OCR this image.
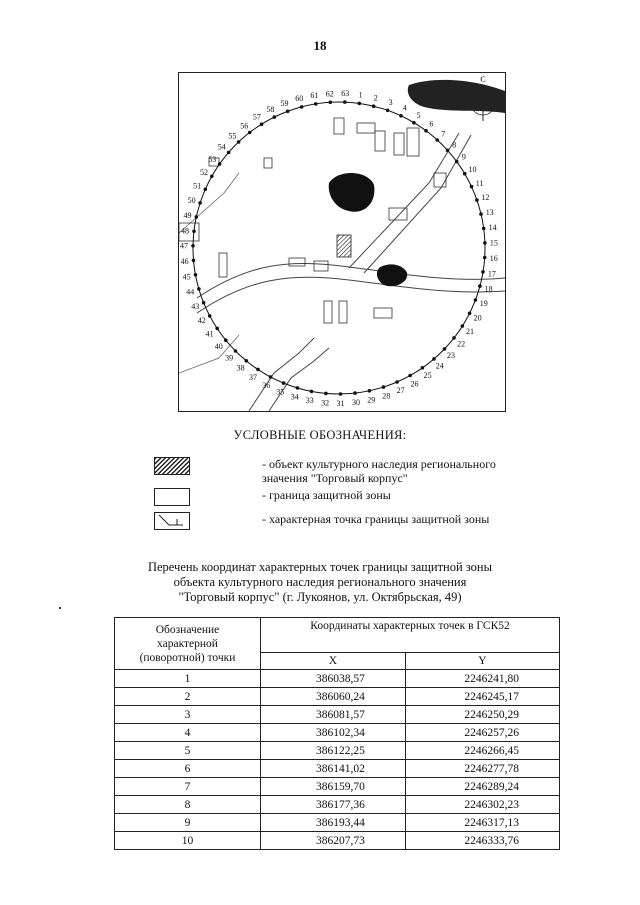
18
1 2 3
4
5
6
7
8
9
10
11
12
13
14
15
16
17
18
19
20
21
22
23
24
25
26
27
28
29
30
31
32
33
34
35
36
37
38
39
40
41
42
43
44
45
46
47
48
49
50
51
52
53
54
55
56
57
58
59
60 61 62 63
С
УСЛОВНЫЕ ОБОЗНАЧЕНИЯ:
- объект культурного наследия регионального
значения "Торговый корпус"
- граница защитной зоны
- характерная точка границы защитной зоны
Перечень координат характерных точек границы защитной зоны
объекта культурного наследия регионального значения
"Торговый корпус" (г. Лукоянов, ул. Октябрьская, 49)
Обозначение
характерной
(поворотной) точки	Координаты характерных точек в ГСК52	
	X	Y
1	386038,57	2246241,80
2	386060,24	2246245,17
3	386081,57	2246250,29
4	386102,34	2246257,26
5	386122,25	2246266,45
6	386141,02	2246277,78
7	386159,70	2246289,24
8	386177,36	2246302,23
9	386193,44	2246317,13
10	386207,73	2246333,76
